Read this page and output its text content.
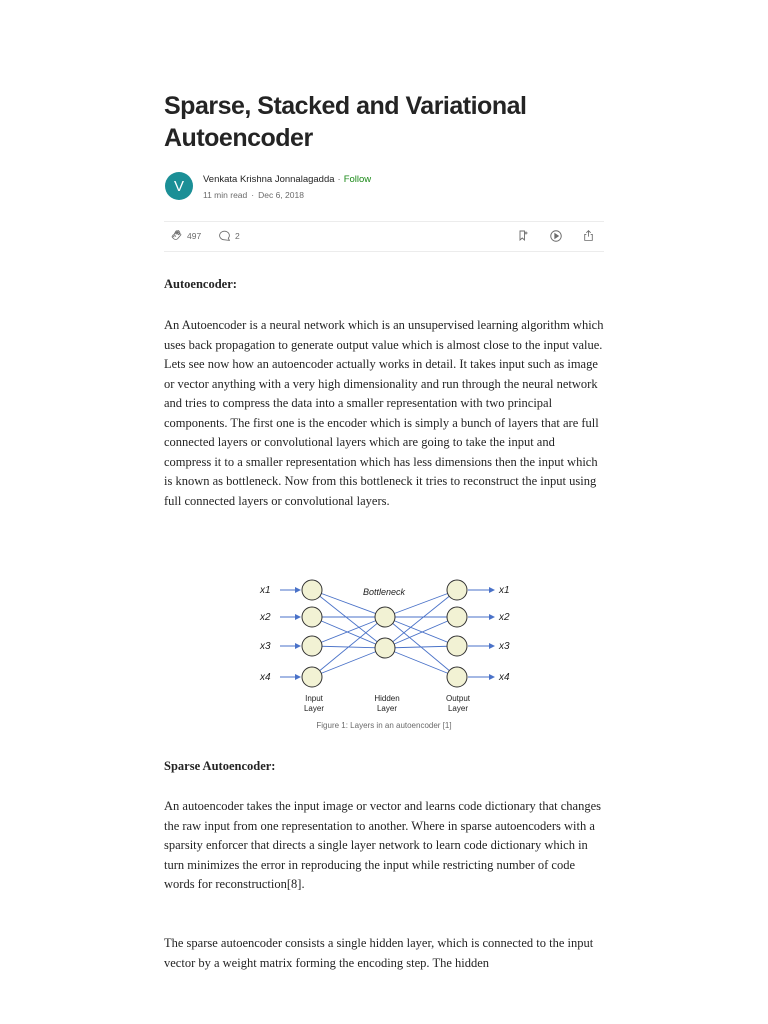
Sparse, Stacked and Variational Autoencoder
V Venkata Krishna Jonnalagadda · Follow
11 min read · Dec 6, 2018
497	2

Autoencoder:

An Autoencoder is a neural network which is an unsupervised learning algorithm which uses back propagation to generate output value which is almost close to the input value. Lets see now how an autoencoder actually works in detail. It takes input such as image or vector anything with a very high dimensionality and run through the neural network and tries to compress the data into a smaller representation with two principal components. The first one is the encoder which is simply a bunch of layers that are full connected layers or convolutional layers which are going to take the input and compress it to a smaller representation which has less dimensions then the input which is known as bottleneck. Now from this bottleneck it tries to reconstruct the input using full connected layers or convolutional layers.

Bottleneck
x1
x2
x3
x4
x1
x2
x3
x4
Input
Layer
Hidden
Layer
Output
Layer
Figure 1: Layers in an autoencoder [1]

Sparse Autoencoder:

An autoencoder takes the input image or vector and learns code dictionary that changes the raw input from one representation to another. Where in sparse autoencoders with a sparsity enforcer that directs a single layer network to learn code dictionary which in turn minimizes the error in reproducing the input while restricting number of code words for reconstruction[8].

The sparse autoencoder consists a single hidden layer, which is connected to the input vector by a weight matrix forming the encoding step. The hidden
